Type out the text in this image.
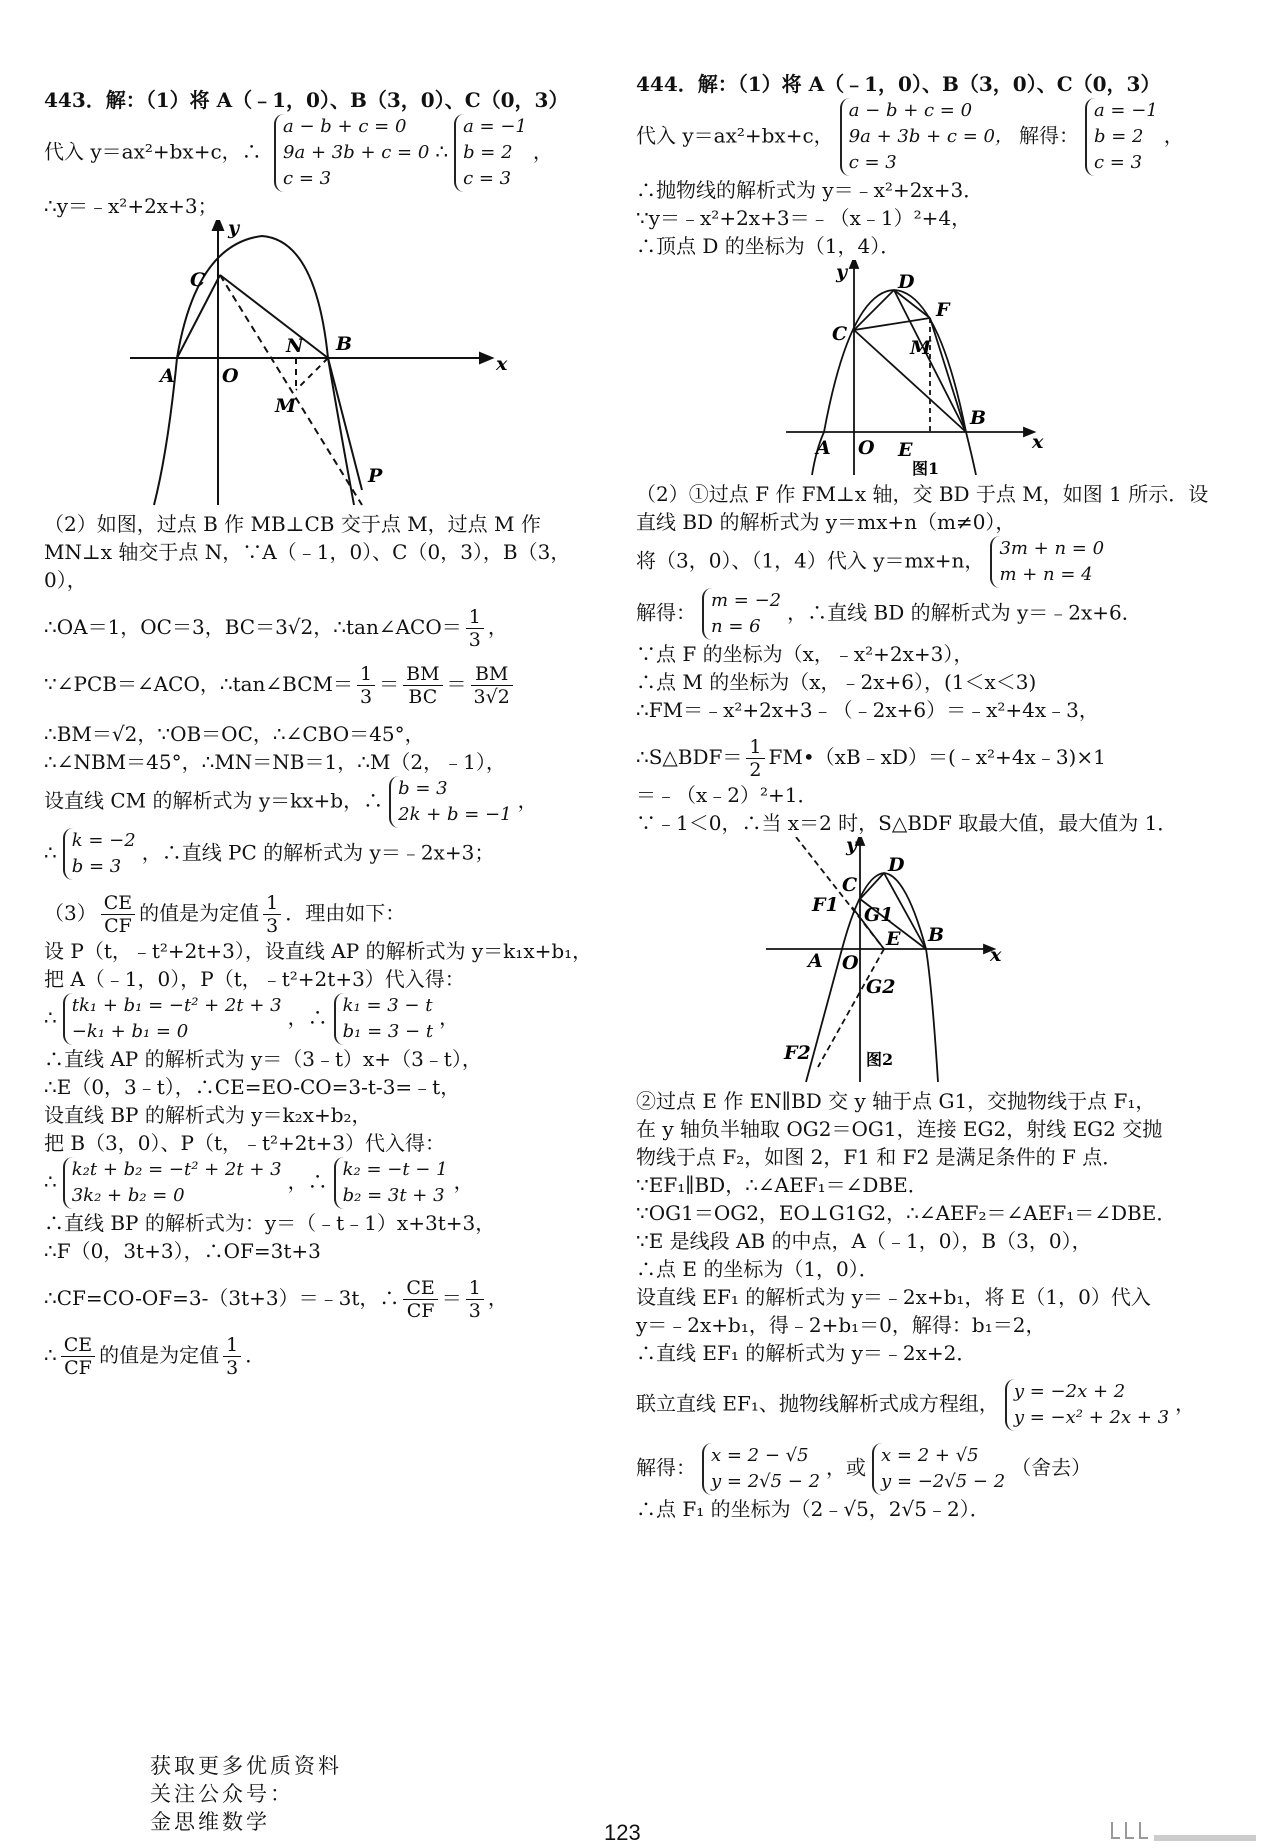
443．解：（1）将 A（﹣1，0）、B（3，0）、C（0，3）
代入 y＝ax²+bx+c，∴
a − b + c = 0
9a + 3b + c = 0
c = 3
∴
a = −1
b = 2
c = 3
，
∴y＝﹣x²+2x+3；
y
x
C
A O
N B
M
P
（2）如图，过点 B 作 MB⊥CB 交于点 M，过点 M 作
MN⊥x 轴交于点 N，∵A（﹣1，0）、C（0，3），B（3，
0），
∴OA＝1，OC＝3，BC＝3√2，∴tan∠ACO＝ $\frac{1}{3}$ ，
∵∠PCB＝∠ACO，∴tan∠BCM＝ $\frac{1}{3} = \frac{BM}{BC} = \frac{BM}{3√2}$
∴BM＝√2，∵OB＝OC，∴∠CBO＝45°，
∴∠NBM＝45°，∴MN＝NB＝1，∴M（2，﹣1），
设直线 CM 的解析式为 y＝kx+b，∴ b = 3
2k + b = −1
，
∴ k = −2
b = 3
，∴直线 PC 的解析式为 y＝﹣2x+3；
$(3) \frac{CE}{CF}$ 的值是为定值 $\frac{1}{3}$ ．理由如下：
设 P（t，﹣t²+2t+3），设直线 AP 的解析式为 y＝k₁x+b₁，
把 A（﹣1，0），P（t，﹣t²+2t+3）代入得：
∴ tk₁ + b₁ = −t² + 2t + 3
−k₁ + b₁ = 0
，∴ k₁ = 3 − t
b₁ = 3 − t
，
∴直线 AP 的解析式为 y＝（3﹣t）x+（3﹣t），
∴E（0，3﹣t），∴CE=EO-CO=3-t-3=﹣t，
设直线 BP 的解析式为 y＝k₂x+b₂，
把 B（3，0）、P（t，﹣t²+2t+3）代入得：
∴ k₂t + b₂ = −t² + 2t + 3
3k₂ + b₂ = 0
，∴ k₂ = −t − 1
b₂ = 3t + 3
，
∴直线 BP 的解析式为：y＝（﹣t﹣1）x+3t+3，
∴F（0，3t+3），∴OF=3t+3
∴CF=CO-OF=3-（3t+3）＝﹣3t，∴ $\frac{CE}{CF} = \frac{1}{3}$ ，
∴ $\frac{CE}{CF}$ 的值是为定值 $\frac{1}{3}$ ．
444．解：（1）将 A（﹣1，0）、B（3，0）、C（0，3）
代入 y＝ax²+bx+c，
a − b + c = 0
9a + 3b + c = 0，
c = 3
解得：
a = −1
b = 2
c = 3
，
∴抛物线的解析式为 y＝﹣x²+2x+3．
∵y＝﹣x²+2x+3＝﹣（x﹣1）²+4，
∴顶点 D 的坐标为（1，4）．
y
x
D
F
C
M
B
A O E
图1
（2）①过点 F 作 FM⊥x 轴，交 BD 于点 M，如图 1 所示．设
直线 BD 的解析式为 y＝mx+n（m≠0），
将（3，0）、（1，4）代入 y＝mx+n， 3m + n = 0
m + n = 4
解得： m = −2
n = 6
，∴直线 BD 的解析式为 y＝﹣2x+6．
∵点 F 的坐标为（x，﹣x²+2x+3），
∴点 M 的坐标为（x，﹣2x+6），(1＜x＜3)
∴FM＝﹣x²+2x+3﹣（﹣2x+6）＝﹣x²+4x﹣3，
∴S△BDF＝ $\frac{1}{2}$ FM•（xB﹣xD）＝(﹣x²+4x﹣3)×1
＝﹣（x﹣2）²+1．
∵﹣1＜0，∴当 x＝2 时，S△BDF 取最大值，最大值为 1．
y
x
D
C
F1 G1
E B
A O
G2
F2	图2
②过点 E 作 EN∥BD 交 y 轴于点 G1，交抛物线于点 F₁，
在 y 轴负半轴取 OG2＝OG1，连接 EG2，射线 EG2 交抛
物线于点 F₂，如图 2，F1 和 F2 是满足条件的 F 点．
∵EF₁∥BD，∴∠AEF₁＝∠DBE．
∵OG1＝OG2，EO⊥G1G2，∴∠AEF₂＝∠AEF₁＝∠DBE．
∵E 是线段 AB 的中点，A（﹣1，0），B（3，0），
∴点 E 的坐标为（1，0）．
设直线 EF₁ 的解析式为 y＝﹣2x+b₁，将 E（1，0）代入
y＝﹣2x+b₁，得﹣2+b₁＝0，解得：b₁＝2，
∴直线 EF₁ 的解析式为 y＝﹣2x+2．
联立直线 EF₁、抛物线解析式成方程组， y = −2x + 2
y = −x² + 2x + 3
，
解得： x = 2 − √5
y = 2√5 − 2
，或 x = 2 + √5
y = −2√5 − 2
（舍去）
∴点 F₁ 的坐标为（2﹣√5，2√5﹣2）．
获取更多优质资料
关注公众号：
金思维数学	123
